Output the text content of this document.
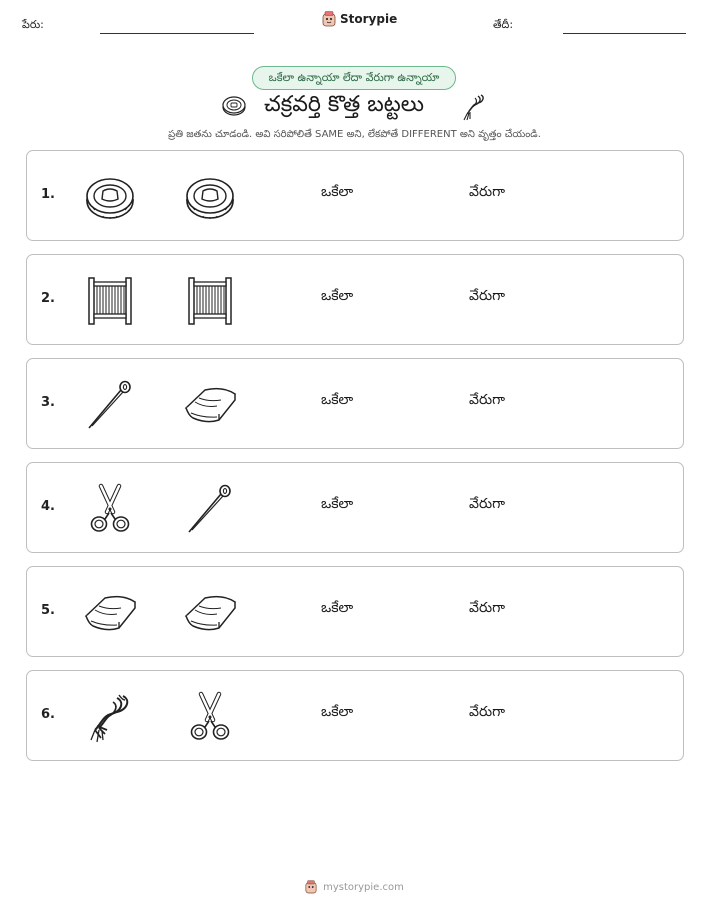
పేరు:	Storypie	తేదీ:
ఒకేలా ఉన్నాయా లేదా వేరుగా ఉన్నాయా
చక్రవర్తి కొత్త బట్టలు
ప్రతి జతను చూడండి. అవి సరిపోలితే SAME అని, లేకపోతే DIFFERENT అని వృత్తం చేయండి.
1.	ఒకేలా	వేరుగా
2.	ఒకేలా	వేరుగా
3.	ఒకేలా	వేరుగా
4.	ఒకేలా	వేరుగా
5.	ఒకేలా	వేరుగా
6.	ఒకేలా	వేరుగా
mystorypie.com
